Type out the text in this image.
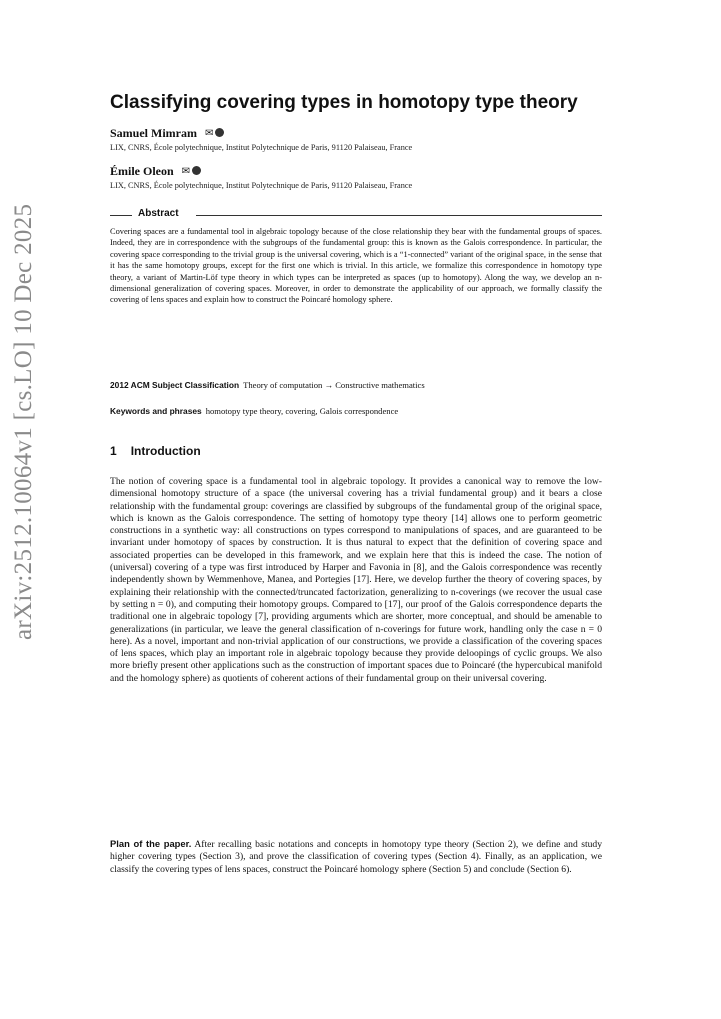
arXiv:2512.10064v1 [cs.LO] 10 Dec 2025
Classifying covering types in homotopy type theory
Samuel Mimram ✉
LIX, CNRS, École polytechnique, Institut Polytechnique de Paris, 91120 Palaiseau, France
Émile Oleon ✉
LIX, CNRS, École polytechnique, Institut Polytechnique de Paris, 91120 Palaiseau, France
Abstract
Covering spaces are a fundamental tool in algebraic topology because of the close relationship they bear with the fundamental groups of spaces. Indeed, they are in correspondence with the subgroups of the fundamental group: this is known as the Galois correspondence. In particular, the covering space corresponding to the trivial group is the universal covering, which is a “1-connected” variant of the original space, in the sense that it has the same homotopy groups, except for the first one which is trivial. In this article, we formalize this correspondence in homotopy type theory, a variant of Martin-Löf type theory in which types can be interpreted as spaces (up to homotopy). Along the way, we develop an n-dimensional generalization of covering spaces. Moreover, in order to demonstrate the applicability of our approach, we formally classify the covering of lens spaces and explain how to construct the Poincaré homology sphere.
2012 ACM Subject Classification Theory of computation → Constructive mathematics
Keywords and phrases homotopy type theory, covering, Galois correspondence
1 Introduction
The notion of covering space is a fundamental tool in algebraic topology. It provides a canonical way to remove the low-dimensional homotopy structure of a space (the universal covering has a trivial fundamental group) and it bears a close relationship with the fundamental group: coverings are classified by subgroups of the fundamental group of the original space, which is known as the Galois correspondence. The setting of homotopy type theory [14] allows one to perform geometric constructions in a synthetic way: all constructions on types correspond to manipulations of spaces, and are guaranteed to be invariant under homotopy of spaces by construction. It is thus natural to expect that the definition of covering space and associated properties can be developed in this framework, and we explain here that this is indeed the case. The notion of (universal) covering of a type was first introduced by Harper and Favonia in [8], and the Galois correspondence was recently independently shown by Wemmenhove, Manea, and Portegies [17]. Here, we develop further the theory of covering spaces, by explaining their relationship with the connected/truncated factorization, generalizing to n-coverings (we recover the usual case by setting n = 0), and computing their homotopy groups. Compared to [17], our proof of the Galois correspondence departs the traditional one in algebraic topology [7], providing arguments which are shorter, more conceptual, and should be amenable to generalizations (in particular, we leave the general classification of n-coverings for future work, handling only the case n = 0 here). As a novel, important and non-trivial application of our constructions, we provide a classification of the covering spaces of lens spaces, which play an important role in algebraic topology because they provide deloopings of cyclic groups. We also more briefly present other applications such as the construction of important spaces due to Poincaré (the hypercubical manifold and the homology sphere) as quotients of coherent actions of their fundamental group on their universal covering.
Plan of the paper. After recalling basic notations and concepts in homotopy type theory (Section 2), we define and study higher covering types (Section 3), and prove the classification of covering types (Section 4). Finally, as an application, we classify the covering types of lens spaces, construct the Poincaré homology sphere (Section 5) and conclude (Section 6).
